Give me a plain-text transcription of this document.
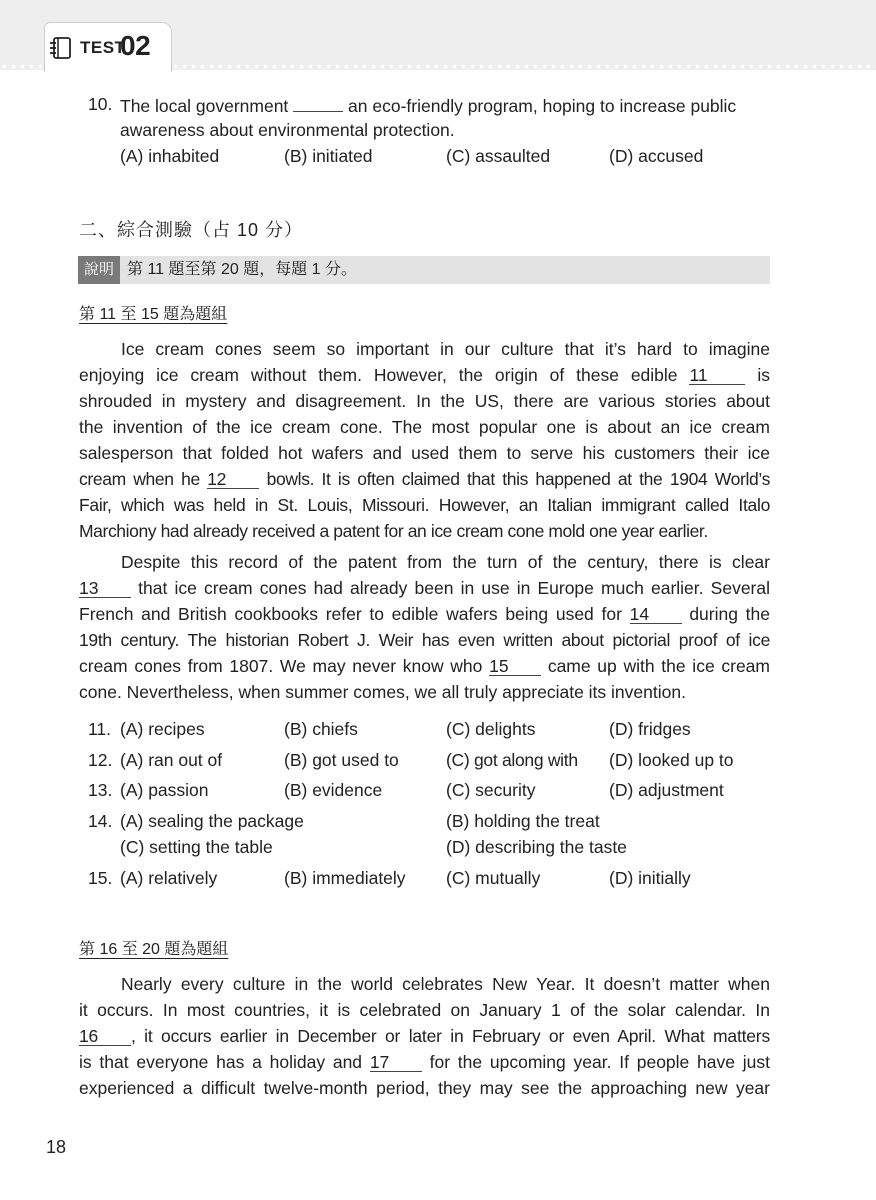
TEST
02
10. The local government	an eco-friendly program, hoping to increase public
awareness about environmental protection.
(A) inhabited	(B) initiated	(C) assaulted	(D) accused
二、綜合測驗（占 10 分）
說明 第 11 題至第 20 題，每題 1 分。
第 11 至 15 題為題組
Ice cream cones seem so important in our culture that it’s hard to imagine
enjoying ice cream without them. However, the origin of these edible 11	is
shrouded in mystery and disagreement. In the US, there are various stories about
the invention of the ice cream cone. The most popular one is about an ice cream
salesperson that folded hot wafers and used them to serve his customers their ice
cream when he 12 bowls. It is often claimed that this happened at the 1904 World’s
Fair, which was held in St. Louis, Missouri. However, an Italian immigrant called Italo
Marchiony had already received a patent for an ice cream cone mold one year earlier.
Despite this record of the patent from the turn of the century, there is clear
13 that ice cream cones had already been in use in Europe much earlier. Several
French and British cookbooks refer to edible wafers being used for 14 during the
19th century. The historian Robert J. Weir has even written about pictorial proof of ice
cream cones from 1807. We may never know who 15 came up with the ice cream
cone. Nevertheless, when summer comes, we all truly appreciate its invention.
11. (A) recipes	(B) chiefs	(C) delights	(D) fridges
12. (A) ran out of	(B) got used to	(C) got along with (D) looked up to
13. (A) passion	(B) evidence	(C) security	(D) adjustment
14. (A) sealing the package	(B) holding the treat
(C) setting the table	(D) describing the taste
15. (A) relatively	(B) immediately (C) mutually	(D) initially
第 16 至 20 題為題組
Nearly every culture in the world celebrates New Year. It doesn’t matter when
it occurs. In most countries, it is celebrated on January 1 of the solar calendar. In
16 , it occurs earlier in December or later in February or even April. What matters
is that everyone has a holiday and 17 for the upcoming year. If people have just
experienced a difficult twelve-month period, they may see the approaching new year
18
